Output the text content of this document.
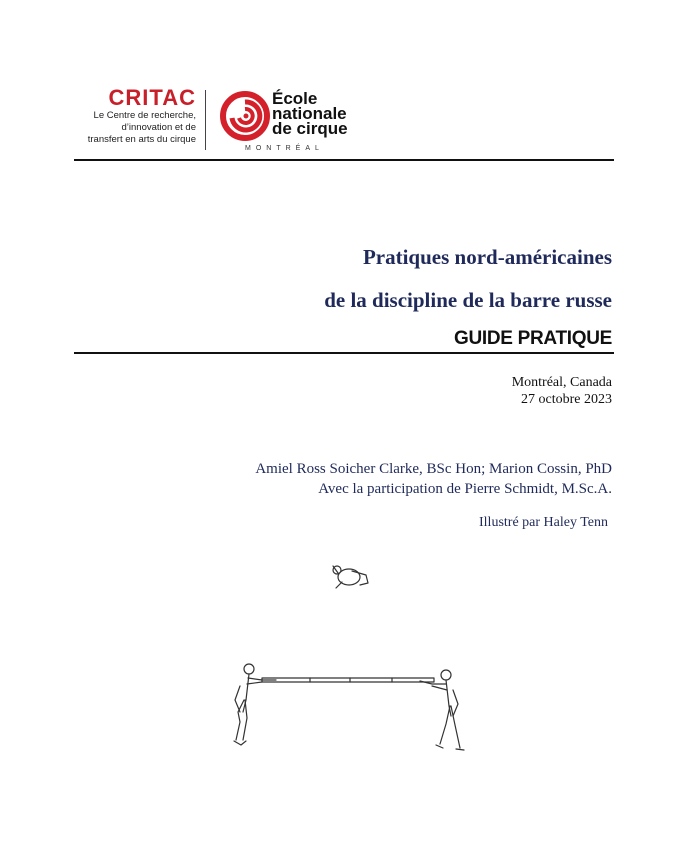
CRITAC
Le Centre de recherche,
d’innovation et de
transfert en arts du cirque
École
nationale
de cirque
MONTRÉAL
Pratiques nord-américaines
de la discipline de la barre russe
GUIDE PRATIQUE
Montréal, Canada
27 octobre 2023
Amiel Ross Soicher Clarke, BSc Hon; Marion Cossin, PhD
Avec la participation de Pierre Schmidt, M.Sc.A.
Illustré par Haley Tenn
